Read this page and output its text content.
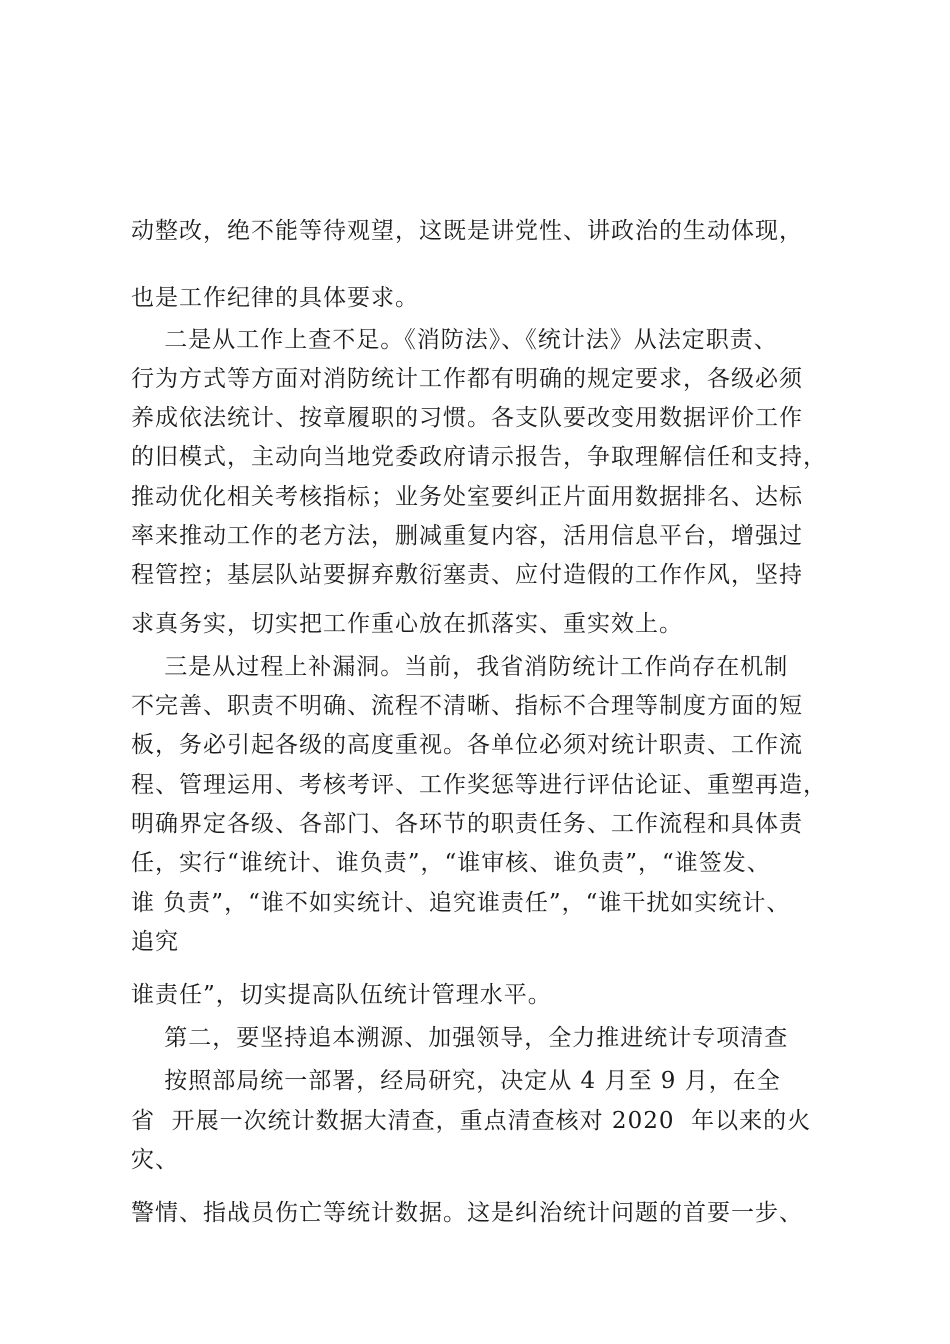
动整改，绝不能等待观望，这既是讲党性、讲政治的生动体现，
也是工作纪律的具体要求。
二是从工作上查不足。《消防法》、《统计法》从法定职责、
行为方式等方面对消防统计工作都有明确的规定要求，各级必须
养成依法统计、按章履职的习惯。各支队要改变用数据评价工作
的旧模式，主动向当地党委政府请示报告，争取理解信任和支持，
推动优化相关考核指标；业务处室要纠正片面用数据排名、达标
率来推动工作的老方法，删减重复内容，活用信息平台，增强过
程管控；基层队站要摒弃敷衍塞责、应付造假的工作作风，坚持
求真务实，切实把工作重心放在抓落实、重实效上。
三是从过程上补漏洞。当前，我省消防统计工作尚存在机制
不完善、职责不明确、流程不清晰、指标不合理等制度方面的短
板，务必引起各级的高度重视。各单位必须对统计职责、工作流
程、管理运用、考核考评、工作奖惩等进行评估论证、重塑再造，
明确界定各级、各部门、各环节的职责任务、工作流程和具体责
任，实行“谁统计、谁负责”，“谁审核、谁负责”，“谁签发、
谁 负责”，“谁不如实统计、追究谁责任”，“谁干扰如实统计、
追究
谁责任”，切实提高队伍统计管理水平。
第二，要坚持追本溯源、加强领导，全力推进统计专项清查
按照部局统一部署，经局研究，决定从 4 月至 9 月，在全
省  开展一次统计数据大清查，重点清查核对 2020  年以来的火
灾、
警情、指战员伤亡等统计数据。这是纠治统计问题的首要一步、
